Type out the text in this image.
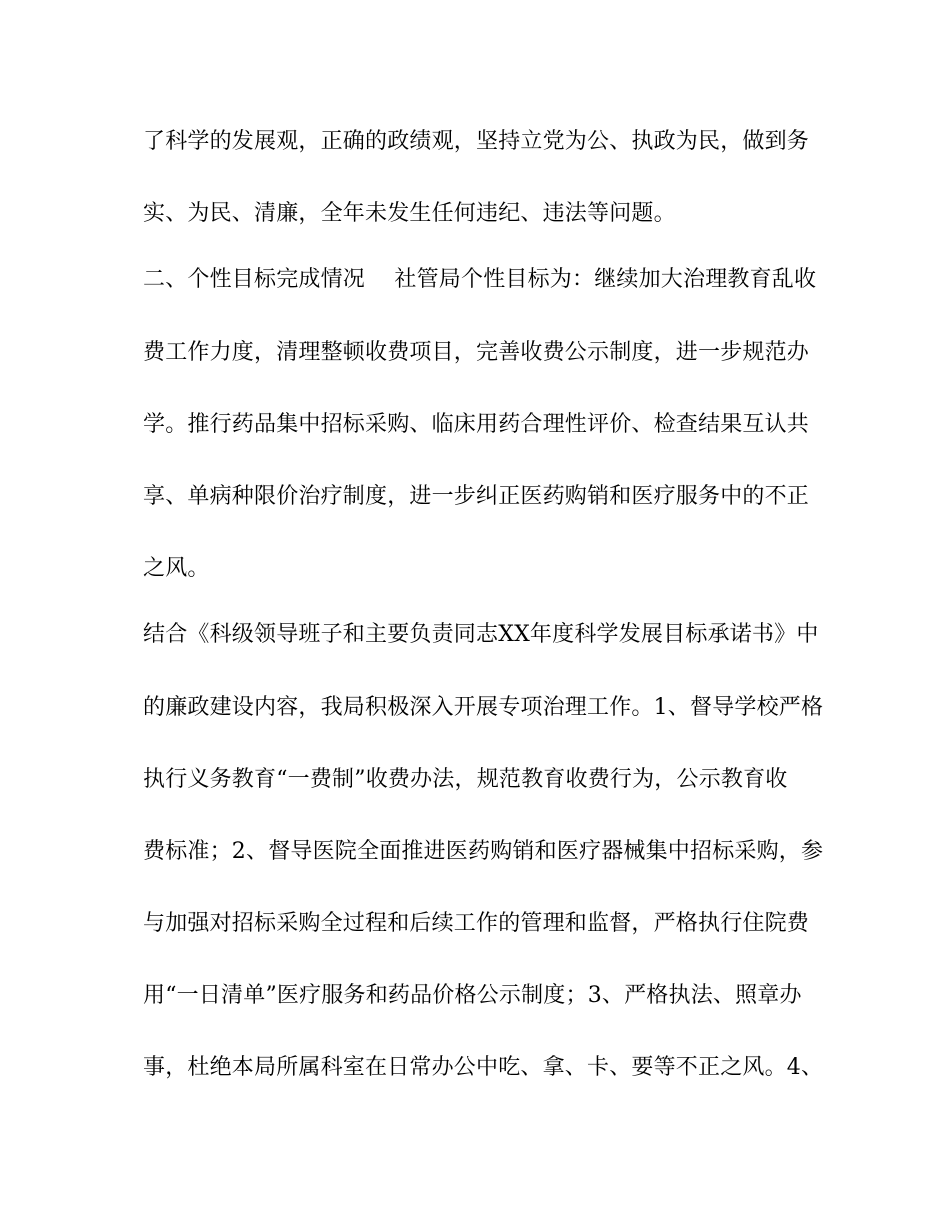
了科学的发展观，正确的政绩观，坚持立党为公、执政为民，做到务
实、为民、清廉，全年未发生任何违纪、违法等问题。
二、个性目标完成情况　 社管局个性目标为：继续加大治理教育乱收
费工作力度，清理整顿收费项目，完善收费公示制度，进一步规范办
学。推行药品集中招标采购、临床用药合理性评价、检查结果互认共
享、单病种限价治疗制度，进一步纠正医药购销和医疗服务中的不正
之风。
结合《科级领导班子和主要负责同志XX年度科学发展目标承诺书》中
的廉政建设内容，我局积极深入开展专项治理工作。1、督导学校严格
执行义务教育“一费制”收费办法，规范教育收费行为，公示教育收
费标准；2、督导医院全面推进医药购销和医疗器械集中招标采购，参
与加强对招标采购全过程和后续工作的管理和监督，严格执行住院费
用“一日清单”医疗服务和药品价格公示制度；3、严格执法、照章办
事，杜绝本局所属科室在日常办公中吃、拿、卡、要等不正之风。4、
